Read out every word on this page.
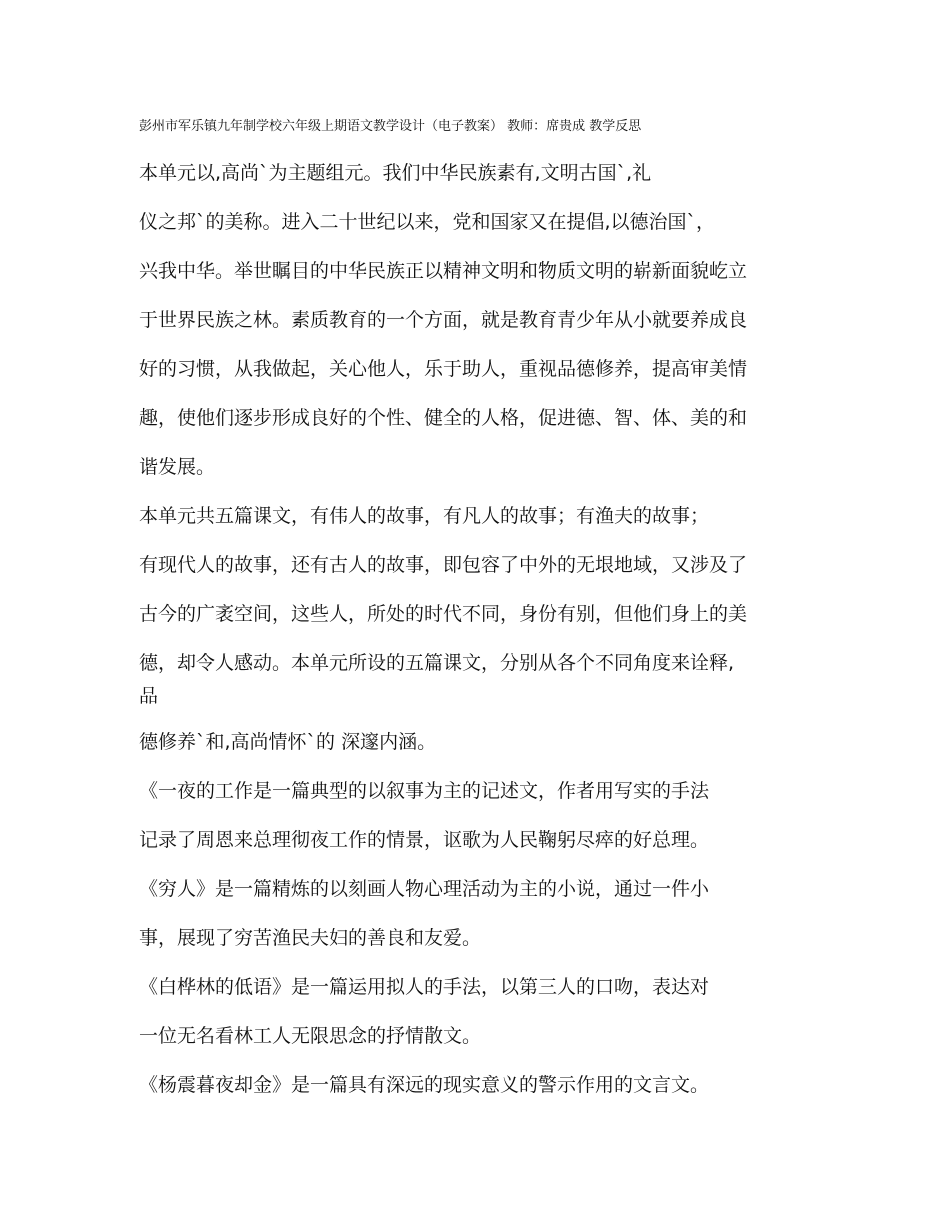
彭州市军乐镇九年制学校六年级上期语文教学设计（电子教案） 教师：席贵成 教学反思
本单元以,高尚`为主题组元。我们中华民族素有,文明古国`,礼
仪之邦`的美称。进入二十世纪以来，党和国家又在提倡,以德治国`，
兴我中华。举世瞩目的中华民族正以精神文明和物质文明的崭新面貌屹立
于世界民族之林。素质教育的一个方面，就是教育青少年从小就要养成良
好的习惯，从我做起，关心他人，乐于助人，重视品德修养，提高审美情
趣，使他们逐步形成良好的个性、健全的人格，促进德、智、体、美的和
谐发展。
本单元共五篇课文，有伟人的故事，有凡人的故事；有渔夫的故事；
有现代人的故事，还有古人的故事，即包容了中外的无垠地域，又涉及了
古今的广袤空间，这些人，所处的时代不同，身份有别，但他们身上的美
德，却令人感动。本单元所设的五篇课文，分别从各个不同角度来诠释,
品
德修养`和,高尚情怀`的 深邃内涵。
《一夜的工作是一篇典型的以叙事为主的记述文，作者用写实的手法
记录了周恩来总理彻夜工作的情景，讴歌为人民鞠躬尽瘁的好总理。
《穷人》是一篇精炼的以刻画人物心理活动为主的小说，通过一件小
事，展现了穷苦渔民夫妇的善良和友爱。
《白桦林的低语》是一篇运用拟人的手法，以第三人的口吻，表达对
一位无名看林工人无限思念的抒情散文。
《杨震暮夜却金》是一篇具有深远的现实意义的警示作用的文言文。
